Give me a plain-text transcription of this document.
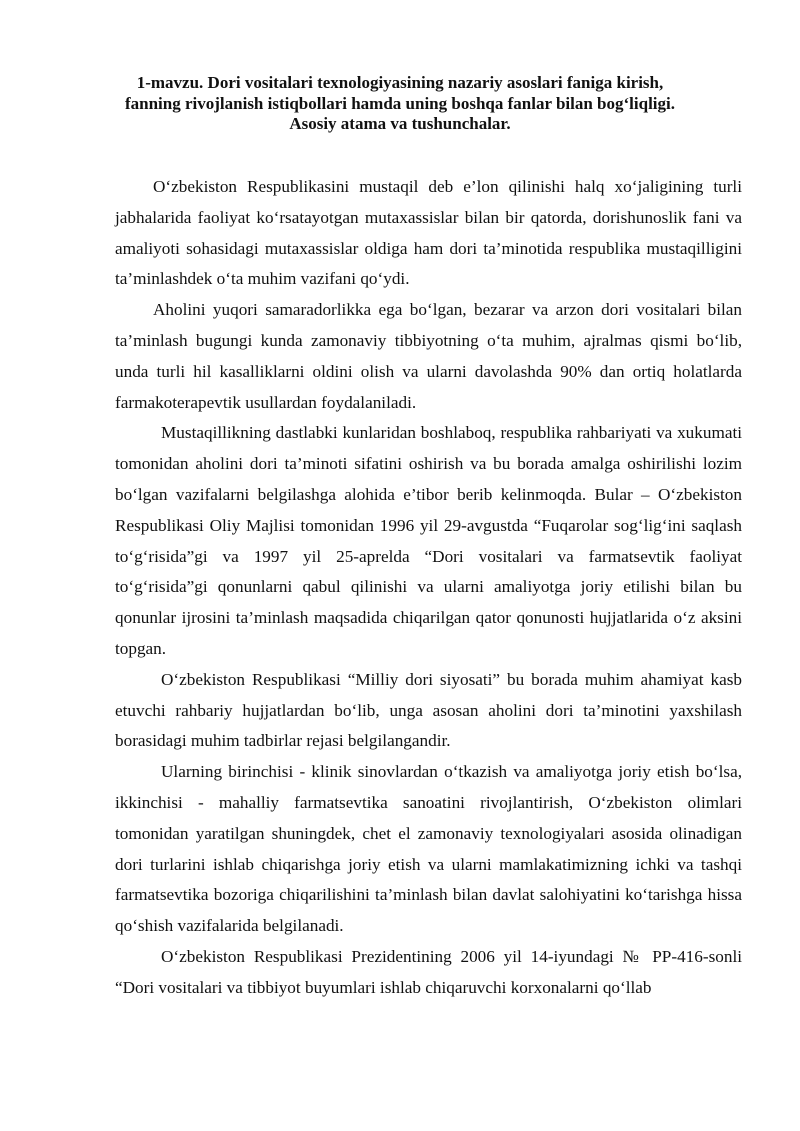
1-mavzu. Dori vositalari texnologiyasining nazariy asoslari faniga kirish,
fanning rivojlanish istiqbollari hamda uning boshqa fanlar bilan bog‘liqligi.
Asosiy atama va tushunchalar.

O‘zbekiston Respublikasini mustaqil deb e’lon qilinishi halq xo‘jaligining turli jabhalarida faoliyat ko‘rsatayotgan mutaxassislar bilan bir qatorda, dorishunoslik fani va amaliyoti sohasidagi mutaxassislar oldiga ham dori ta’minotida respublika mustaqilligini ta’minlashdek o‘ta muhim vazifani qo‘ydi.

Aholini yuqori samaradorlikka ega bo‘lgan, bezarar va arzon dori vositalari bilan ta’minlash bugungi kunda zamonaviy tibbiyotning o‘ta muhim, ajralmas qismi bo‘lib, unda turli hil kasalliklarni oldini olish va ularni davolashda 90% dan ortiq holatlarda farmakoterapevtik usullardan foydalaniladi.

Mustaqillikning dastlabki kunlaridan boshlaboq, respublika rahbariyati va xukumati tomonidan aholini dori ta’minoti sifatini oshirish va bu borada amalga oshirilishi lozim bo‘lgan vazifalarni belgilashga alohida e’tibor berib kelinmoqda. Bular – O‘zbekiston Respublikasi Oliy Majlisi tomonidan 1996 yil 29-avgustda “Fuqarolar sog‘lig‘ini saqlash to‘g‘risida”gi va 1997 yil 25-aprelda “Dori vositalari va farmatsevtik faoliyat to‘g‘risida”gi qonunlarni qabul qilinishi va ularni amaliyotga joriy etilishi bilan bu qonunlar ijrosini ta’minlash maqsadida chiqarilgan qator qonunosti hujjatlarida o‘z aksini topgan.

O‘zbekiston Respublikasi “Milliy dori siyosati” bu borada muhim ahamiyat kasb etuvchi rahbariy hujjatlardan bo‘lib, unga asosan aholini dori ta’minotini yaxshilash borasidagi muhim tadbirlar rejasi belgilangandir.

Ularning birinchisi - klinik sinovlardan o‘tkazish va amaliyotga joriy etish bo‘lsa, ikkinchisi - mahalliy farmatsevtika sanoatini rivojlantirish, O‘zbekiston olimlari tomonidan yaratilgan shuningdek, chet el zamonaviy texnologiyalari asosida olinadigan dori turlarini ishlab chiqarishga joriy etish va ularni mamlakatimizning ichki va tashqi farmatsevtika bozoriga chiqarilishini ta’minlash bilan davlat salohiyatini ko‘tarishga hissa qo‘shish vazifalarida belgilanadi.

O‘zbekiston Respublikasi Prezidentining 2006 yil 14-iyundagi № PP-416-sonli “Dori vositalari va tibbiyot buyumlari ishlab chiqaruvchi korxonalarni qo‘llab
